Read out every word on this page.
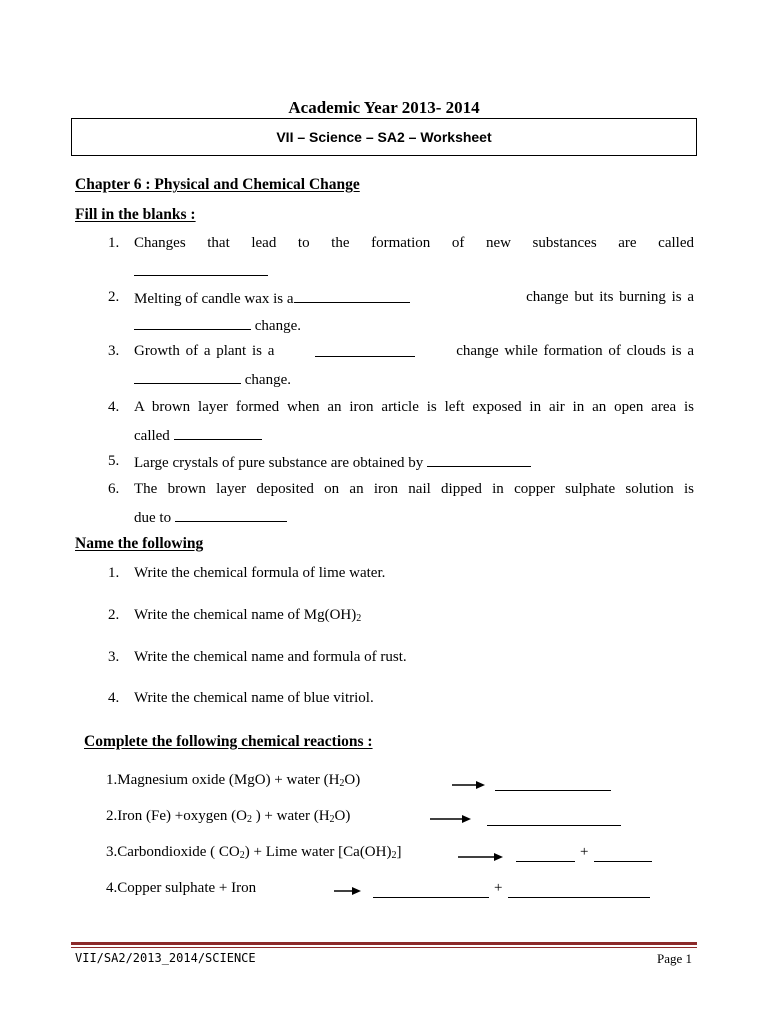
Academic Year 2013- 2014
VII – Science – SA2 – Worksheet
Chapter 6 : Physical and Chemical Change
Fill in the blanks :
1. Changes that lead to the formation of new substances are called
2. Melting of candle wax is a	change but its burning is a
change.
3. Growth of a plant is a	change while formation of clouds is a
change.
4. A brown layer formed when an iron article is left exposed in air in an open area is
called
5. Large crystals of pure substance are obtained by
6. The brown layer deposited on an iron nail dipped in copper sulphate solution is
due to
Name the following
1. Write the chemical formula of lime water.
2. Write the chemical name of $Mg(OH)_2$
3. Write the chemical name and formula of rust.
4. Write the chemical name of blue vitriol.
Complete the following chemical reactions :
1.Magnesium oxide (MgO) + water $(H_2O)$
2.Iron (Fe) +oxygen ($O_2$ ) + water $(H_2O)$
3.Carbondioxide ( $CO_2$) + Lime water $[Ca(OH)_2]$	+
4.Copper sulphate + Iron	+
VII/SA2/2013_2014/SCIENCE	Page 1
